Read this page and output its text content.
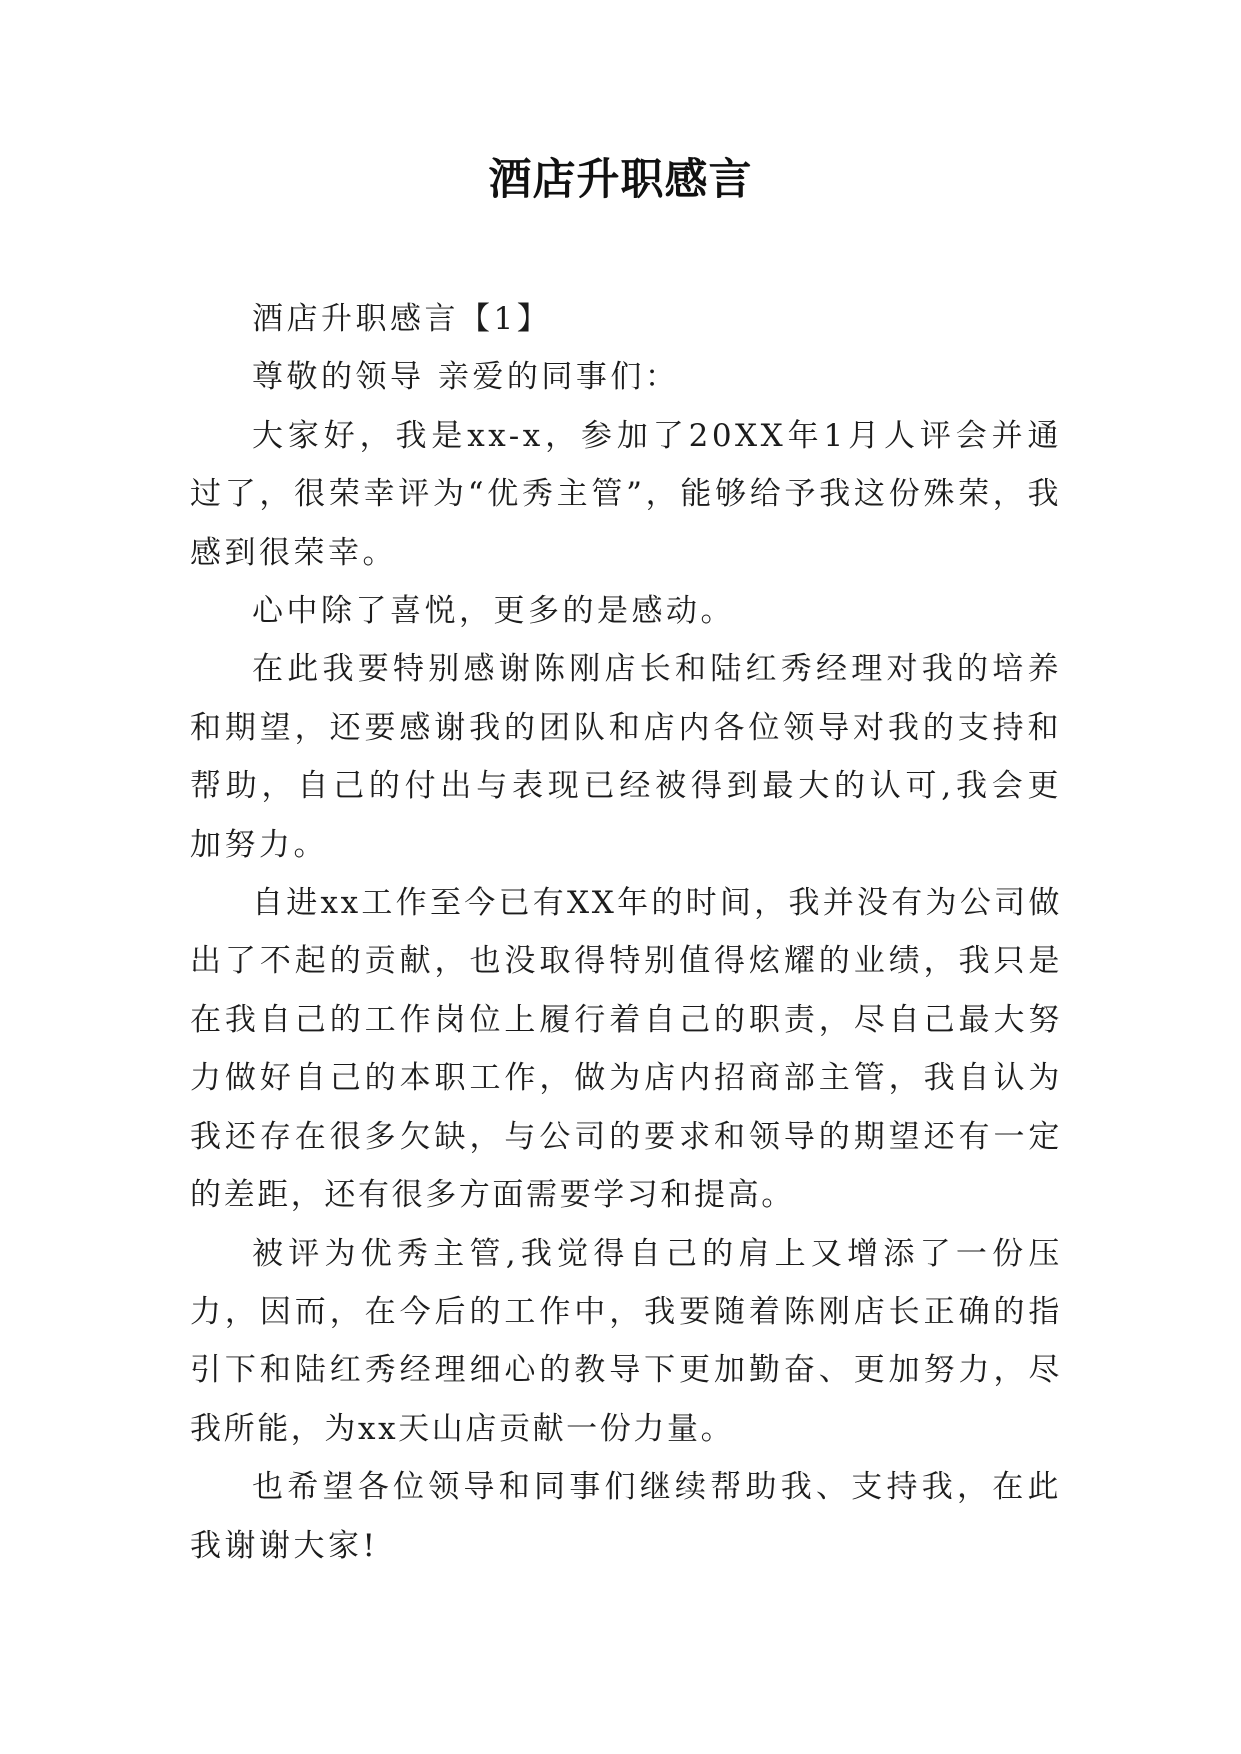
酒店升职感言

酒店升职感言【1】

尊敬的领导 亲爱的同事们：

大家好，我是xx-x，参加了20XX年1月人评会并通过了，很荣幸评为“优秀主管”，能够给予我这份殊荣，我感到很荣幸。

心中除了喜悦，更多的是感动。

在此我要特别感谢陈刚店长和陆红秀经理对我的培养和期望，还要感谢我的团队和店内各位领导对我的支持和帮助，自己的付出与表现已经被得到最大的认可,我会更加努力。

自进xx工作至今已有XX年的时间，我并没有为公司做出了不起的贡献，也没取得特别值得炫耀的业绩，我只是在我自己的工作岗位上履行着自己的职责，尽自己最大努力做好自己的本职工作，做为店内招商部主管，我自认为我还存在很多欠缺，与公司的要求和领导的期望还有一定的差距，还有很多方面需要学习和提高。

被评为优秀主管,我觉得自己的肩上又增添了一份压力，因而，在今后的工作中，我要随着陈刚店长正确的指引下和陆红秀经理细心的教导下更加勤奋、更加努力，尽我所能，为xx天山店贡献一份力量。

也希望各位领导和同事们继续帮助我、支持我，在此我谢谢大家!
